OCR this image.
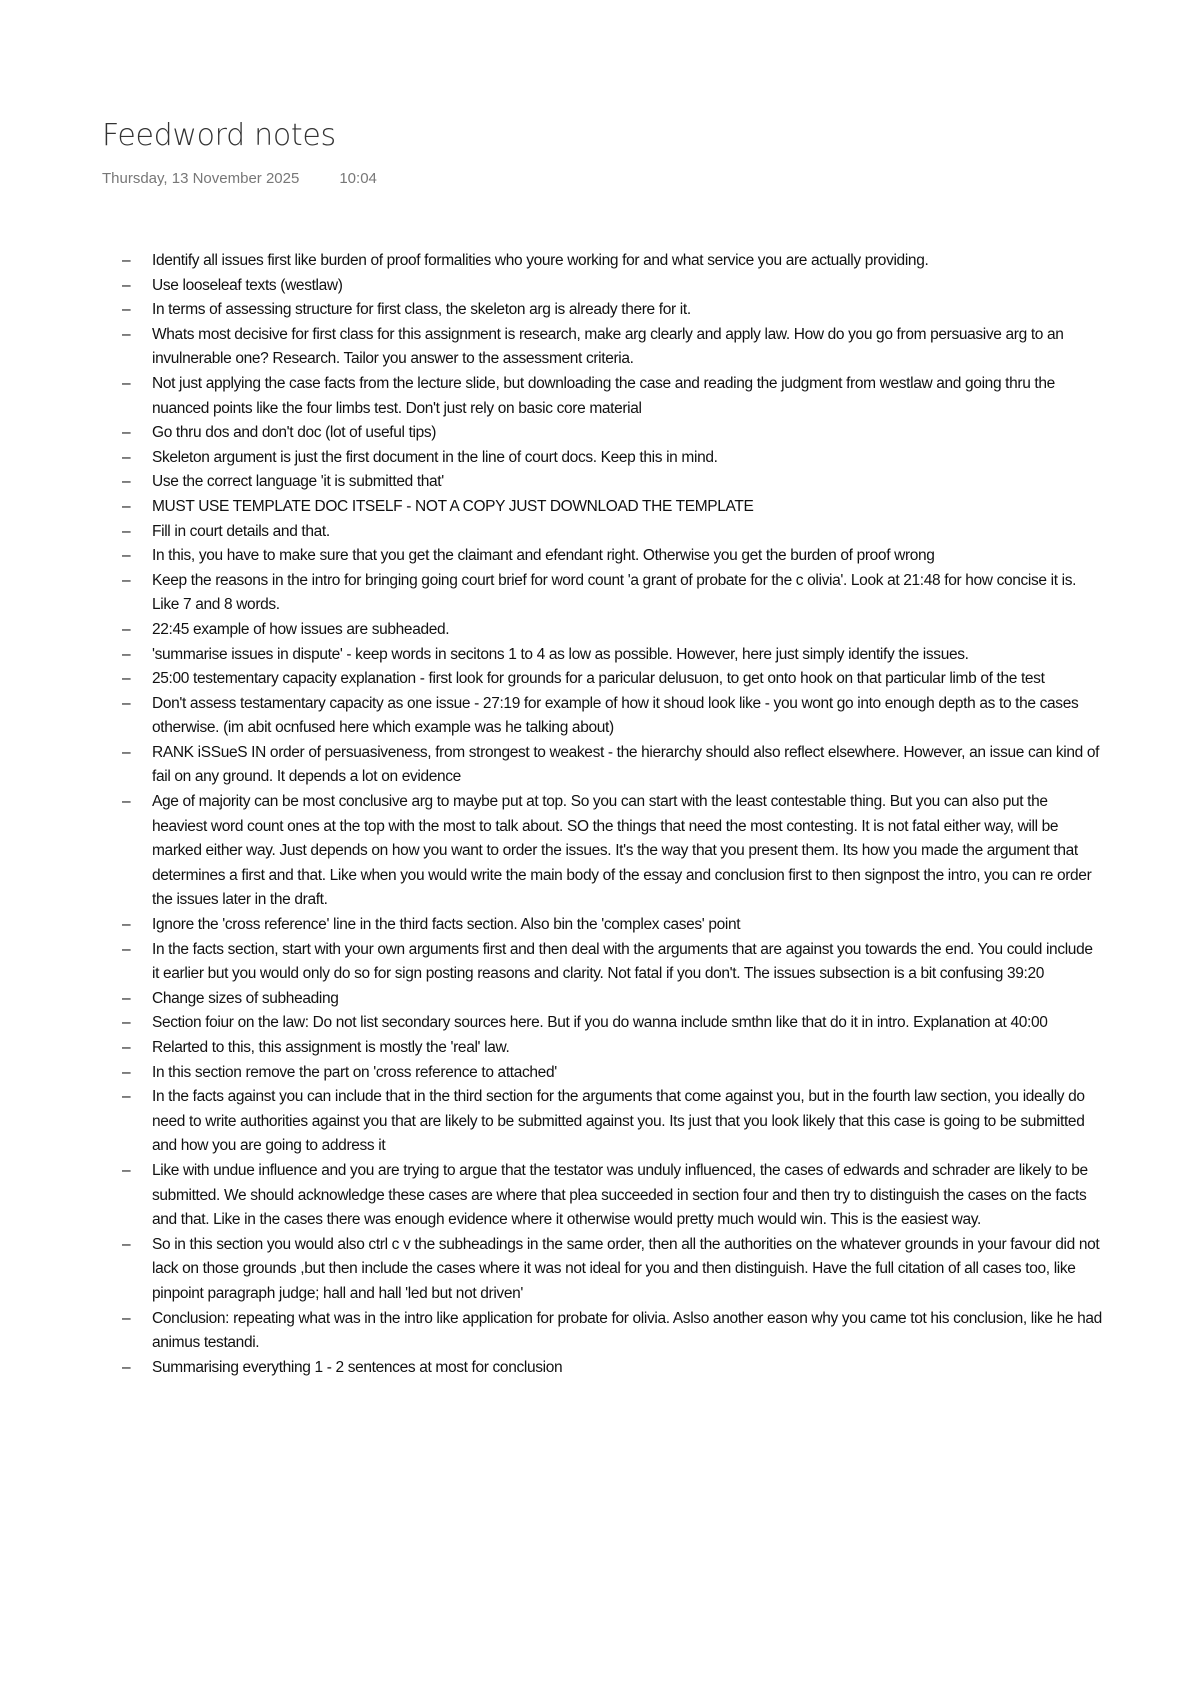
Feedword notes
Thursday, 13 November 2025	10:04
–	Identify all issues first like burden of proof formalities who youre working for and what service you are actually providing.
–	Use looseleaf texts (westlaw)
–	In terms of assessing structure for first class, the skeleton arg is already there for it.
–	Whats most decisive for first class for this assignment is research, make arg clearly and apply law. How do you go from persuasive arg to an invulnerable one? Research. Tailor you answer to the assessment criteria.
–	Not just applying the case facts from the lecture slide, but downloading the case and reading the judgment from westlaw and going thru the nuanced points like the four limbs test. Don't just rely on basic core material
–	Go thru dos and don't doc (lot of useful tips)
–	Skeleton argument is just the first document in the line of court docs. Keep this in mind.
–	Use the correct language 'it is submitted that'
–	MUST USE TEMPLATE DOC ITSELF - NOT A COPY JUST DOWNLOAD THE TEMPLATE
–	Fill in court details and that.
–	In this, you have to make sure that you get the claimant and efendant right. Otherwise you get the burden of proof wrong
–	Keep the reasons in the intro for bringing going court brief for word count 'a grant of probate for the c olivia'. Look at 21:48 for how concise it is. Like 7 and 8 words.
–	22:45 example of how issues are subheaded.
–	'summarise issues in dispute' - keep words in secitons 1 to 4 as low as possible. However, here just simply identify the issues.
–	25:00 testementary capacity explanation - first look for grounds for a paricular delusuon, to get onto hook on that particular limb of the test
–	Don't assess testamentary capacity as one issue - 27:19 for example of how it shoud look like - you wont go into enough depth as to the cases otherwise. (im abit ocnfused here which example was he talking about)
–	RANK iSSueS IN order of persuasiveness, from strongest to weakest - the hierarchy should also reflect elsewhere. However, an issue can kind of fail on any ground. It depends a lot on evidence
–	Age of majority can be most conclusive arg to maybe put at top. So you can start with the least contestable thing. But you can also put the heaviest word count ones at the top with the most to talk about. SO the things that need the most contesting. It is not fatal either way, will be marked either way. Just depends on how you want to order the issues. It's the way that you present them. Its how you made the argument that determines a first and that. Like when you would write the main body of the essay and conclusion first to then signpost the intro, you can re order the issues later in the draft.
–	Ignore the 'cross reference' line in the third facts section. Also bin the 'complex cases' point
–	In the facts section, start with your own arguments first and then deal with the arguments that are against you towards the end. You could include it earlier but you would only do so for sign posting reasons and clarity. Not fatal if you don't. The issues subsection is a bit confusing 39:20
–	Change sizes of subheading
–	Section foiur on the law: Do not list secondary sources here. But if you do wanna include smthn like that do it in intro. Explanation at 40:00
–	Relarted to this, this assignment is mostly the 'real' law.
–	In this section remove the part on 'cross reference to attached'
–	In the facts against you can include that in the third section for the arguments that come against you, but in the fourth law section, you ideally do need to write authorities against you that are likely to be submitted against you. Its just that you look likely that this case is going to be submitted and how you are going to address it
–	Like with undue influence and you are trying to argue that the testator was unduly influenced, the cases of edwards and schrader are likely to be submitted. We should acknowledge these cases are where that plea succeeded in section four and then try to distinguish the cases on the facts and that. Like in the cases there was enough evidence where it otherwise would pretty much would win. This is the easiest way.
–	So in this section you would also ctrl c v the subheadings in the same order, then all the authorities on the whatever grounds in your favour did not lack on those grounds ,but then include the cases where it was not ideal for you and then distinguish. Have the full citation of all cases too, like pinpoint paragraph judge; hall and hall 'led but not driven'
–	Conclusion: repeating what was in the intro like application for probate for olivia. Aslso another eason why you came tot his conclusion, like he had animus testandi.
–	Summarising everything 1 - 2 sentences at most for conclusion
